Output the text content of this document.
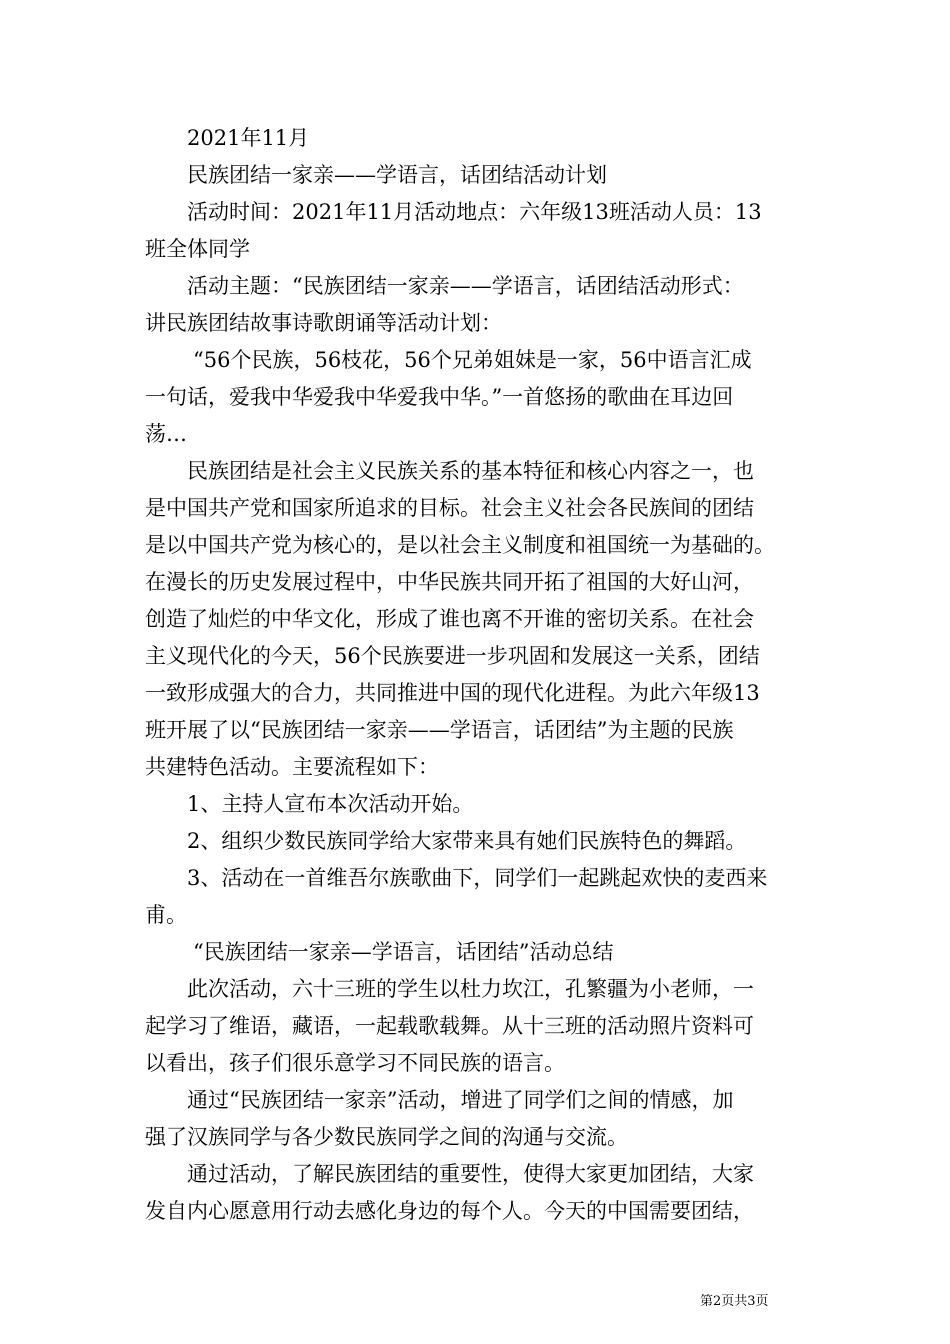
2021年11月

民族团结一家亲——学语言，话团结活动计划

活动时间：2021年11月活动地点：六年级13班活动人员：13

班全体同学

活动主题：“民族团结一家亲——学语言，话团结活动形式：

讲民族团结故事诗歌朗诵等活动计划：

“56个民族，56枝花，56个兄弟姐妹是一家，56中语言汇成

一句话，爱我中华爱我中华爱我中华。”一首悠扬的歌曲在耳边回

荡…

民族团结是社会主义民族关系的基本特征和核心内容之一，也

是中国共产党和国家所追求的目标。社会主义社会各民族间的团结

是以中国共产党为核心的，是以社会主义制度和祖国统一为基础的。

在漫长的历史发展过程中，中华民族共同开拓了祖国的大好山河，

创造了灿烂的中华文化，形成了谁也离不开谁的密切关系。在社会

主义现代化的今天，56个民族要进一步巩固和发展这一关系，团结

一致形成强大的合力，共同推进中国的现代化进程。为此六年级13

班开展了以“民族团结一家亲——学语言，话团结”为主题的民族

共建特色活动。主要流程如下：

1、主持人宣布本次活动开始。

2、组织少数民族同学给大家带来具有她们民族特色的舞蹈。

3、活动在一首维吾尔族歌曲下，同学们一起跳起欢快的麦西来

甫。

“民族团结一家亲—学语言，话团结”活动总结

此次活动，六十三班的学生以杜力坎江，孔繁疆为小老师，一

起学习了维语，藏语，一起载歌载舞。从十三班的活动照片资料可

以看出，孩子们很乐意学习不同民族的语言。

通过“民族团结一家亲”活动，增进了同学们之间的情感，加

强了汉族同学与各少数民族同学之间的沟通与交流。

通过活动，了解民族团结的重要性，使得大家更加团结，大家

发自内心愿意用行动去感化身边的每个人。今天的中国需要团结，

第2页共3页
